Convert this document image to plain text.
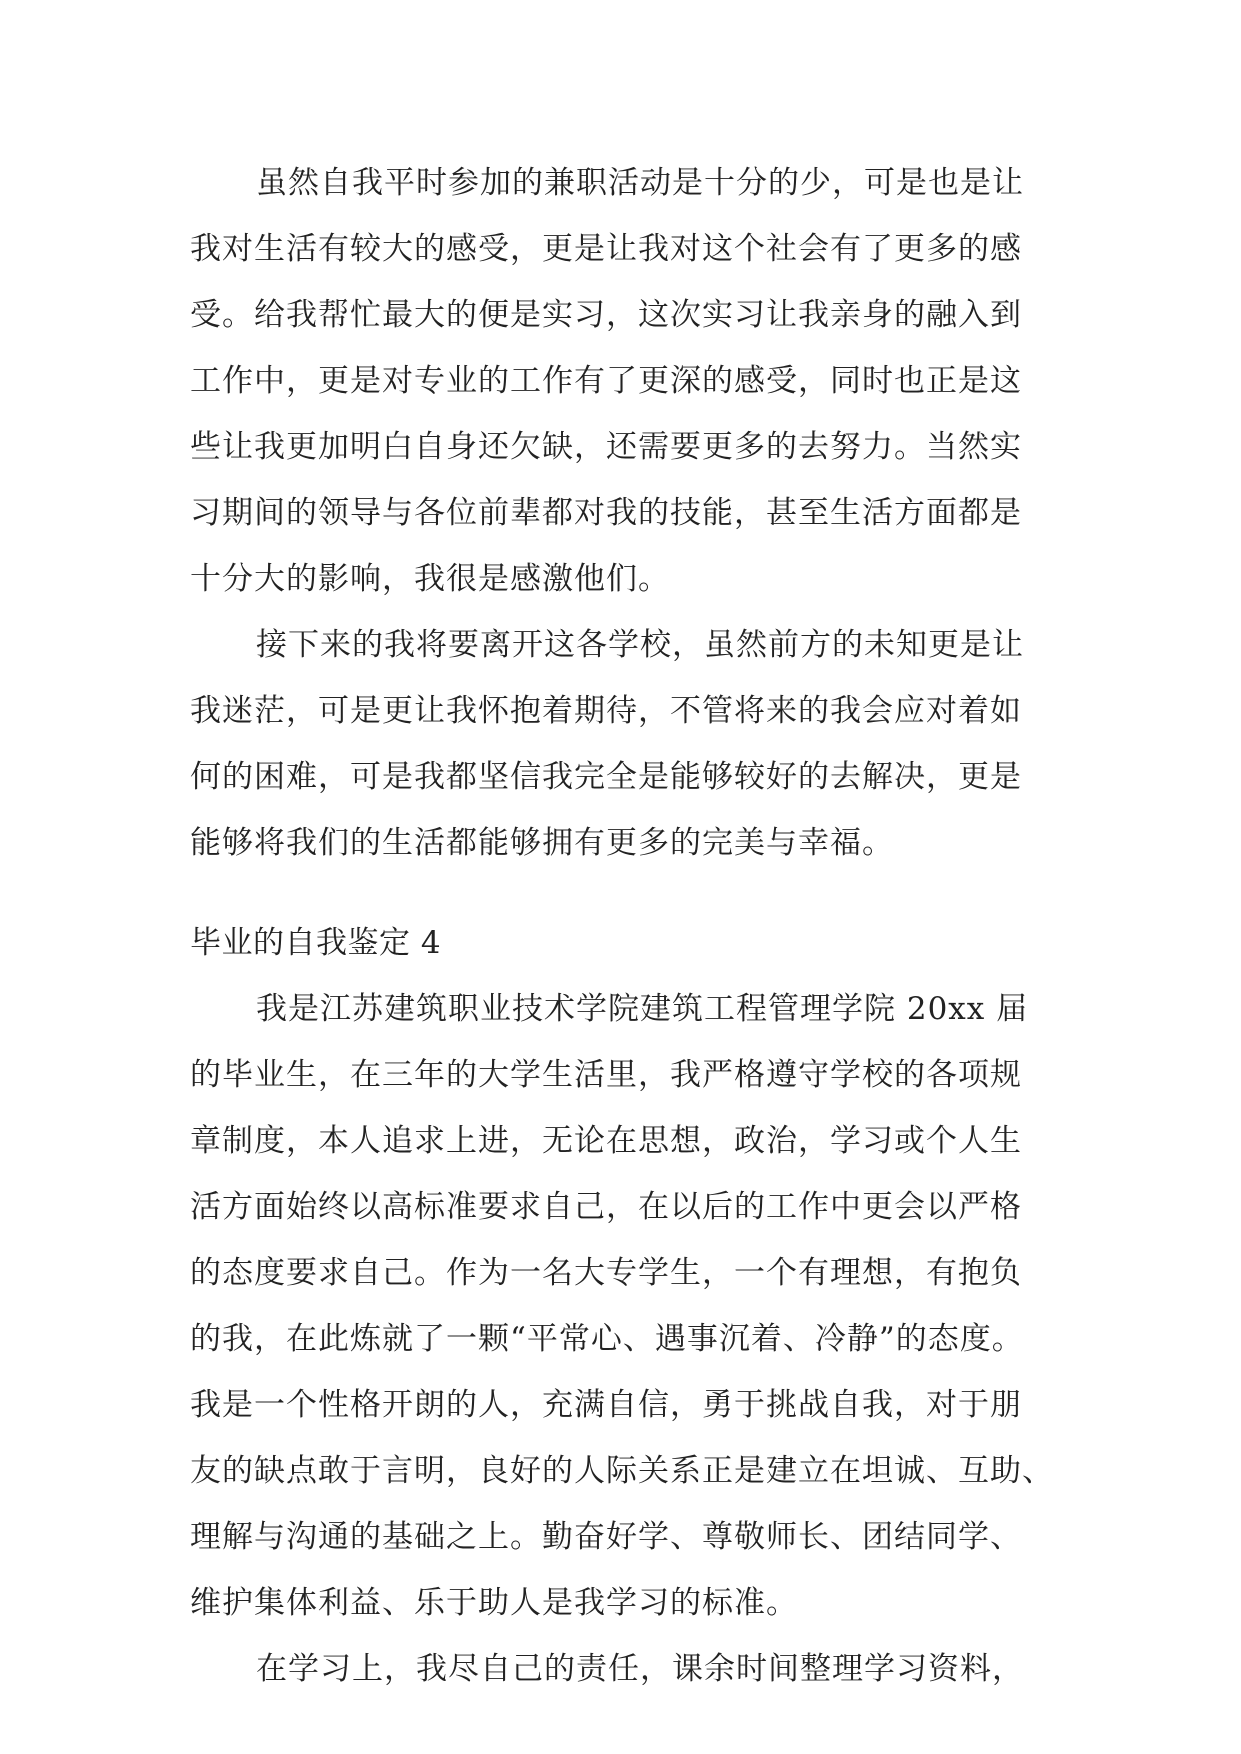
虽然自我平时参加的兼职活动是十分的少，可是也是让
我对生活有较大的感受，更是让我对这个社会有了更多的感
受。给我帮忙最大的便是实习，这次实习让我亲身的融入到
工作中，更是对专业的工作有了更深的感受，同时也正是这
些让我更加明白自身还欠缺，还需要更多的去努力。当然实
习期间的领导与各位前辈都对我的技能，甚至生活方面都是
十分大的影响，我很是感激他们。
接下来的我将要离开这各学校，虽然前方的未知更是让
我迷茫，可是更让我怀抱着期待，不管将来的我会应对着如
何的困难，可是我都坚信我完全是能够较好的去解决，更是
能够将我们的生活都能够拥有更多的完美与幸福。
毕业的自我鉴定 4
我是江苏建筑职业技术学院建筑工程管理学院 20xx 届
的毕业生，在三年的大学生活里，我严格遵守学校的各项规
章制度，本人追求上进，无论在思想，政治，学习或个人生
活方面始终以高标准要求自己，在以后的工作中更会以严格
的态度要求自己。作为一名大专学生，一个有理想，有抱负
的我，在此炼就了一颗“平常心、遇事沉着、冷静”的态度。
我是一个性格开朗的人，充满自信，勇于挑战自我，对于朋
友的缺点敢于言明，良好的人际关系正是建立在坦诚、互助、
理解与沟通的基础之上。勤奋好学、尊敬师长、团结同学、
维护集体利益、乐于助人是我学习的标准。
在学习上，我尽自己的责任，课余时间整理学习资料，
